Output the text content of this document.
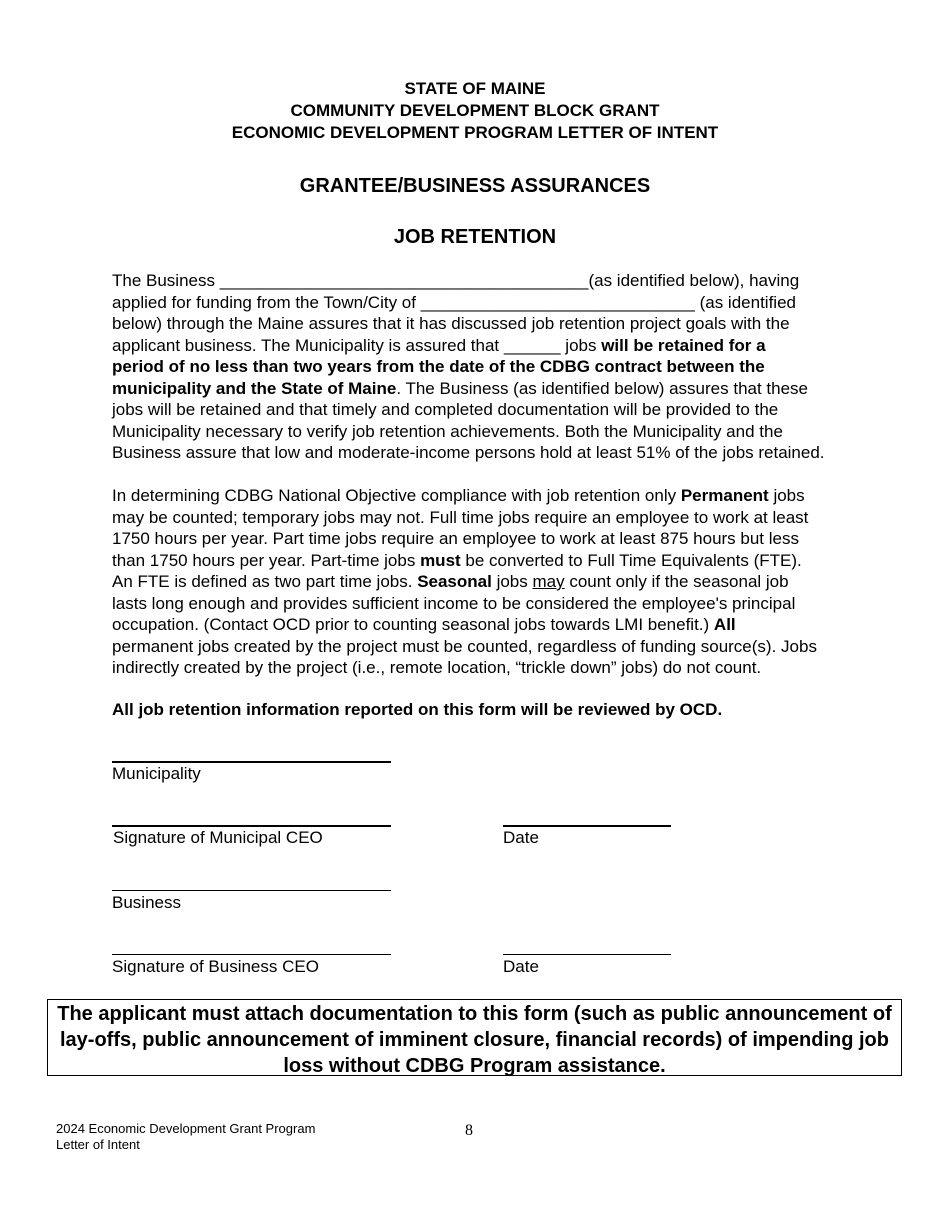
STATE OF MAINE
COMMUNITY DEVELOPMENT BLOCK GRANT
ECONOMIC DEVELOPMENT PROGRAM LETTER OF INTENT
GRANTEE/BUSINESS ASSURANCES
JOB RETENTION
The Business _______________________________________(as identified below), having
applied for funding from the Town/City of _____________________________ (as identified
below) through the Maine assures that it has discussed job retention project goals with the
applicant business. The Municipality is assured that ______ jobs will be retained for a
period of no less than two years from the date of the CDBG contract between the
municipality and the State of Maine. The Business (as identified below) assures that these
jobs will be retained and that timely and completed documentation will be provided to the
Municipality necessary to verify job retention achievements. Both the Municipality and the
Business assure that low and moderate-income persons hold at least 51% of the jobs retained.
In determining CDBG National Objective compliance with job retention only Permanent jobs
may be counted; temporary jobs may not. Full time jobs require an employee to work at least
1750 hours per year. Part time jobs require an employee to work at least 875 hours but less
than 1750 hours per year. Part-time jobs must be converted to Full Time Equivalents (FTE).
An FTE is defined as two part time jobs. Seasonal jobs may count only if the seasonal job
lasts long enough and provides sufficient income to be considered the employee's principal
occupation. (Contact OCD prior to counting seasonal jobs towards LMI benefit.) All
permanent jobs created by the project must be counted, regardless of funding source(s). Jobs
indirectly created by the project (i.e., remote location, “trickle down” jobs) do not count.
All job retention information reported on this form will be reviewed by OCD.
Municipality
Signature of Municipal CEO	Date
Business
Signature of Business CEO	Date
The applicant must attach documentation to this form (such as public announcement of lay-offs, public announcement of imminent closure, financial records) of impending job loss without CDBG Program assistance.
2024 Economic Development Grant Program
Letter of Intent
8
